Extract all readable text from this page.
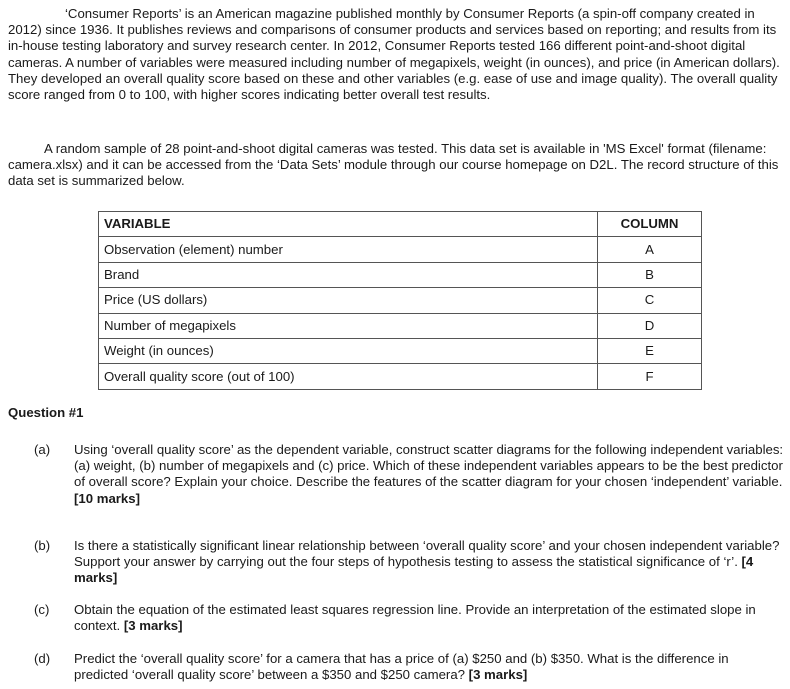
‘Consumer Reports’ is an American magazine published monthly by Consumer Reports (a spin-off company created in 2012) since 1936. It publishes reviews and comparisons of consumer products and services based on reporting; and results from its in-house testing laboratory and survey research center. In 2012, Consumer Reports tested 166 different point-and-shoot digital cameras. A number of variables were measured including number of megapixels, weight (in ounces), and price (in American dollars). They developed an overall quality score based on these and other variables (e.g. ease of use and image quality). The overall quality score ranged from 0 to 100, with higher scores indicating better overall test results.

A random sample of 28 point-and-shoot digital cameras was tested. This data set is available in 'MS Excel' format (filename: camera.xlsx) and it can be accessed from the ‘Data Sets’ module through our course homepage on D2L. The record structure of this data set is summarized below.

VARIABLE	COLUMN
Observation (element) number	A
Brand	B
Price (US dollars)	C
Number of megapixels	D
Weight (in ounces)	E
Overall quality score (out of 100)	F

Question #1

(a) Using ‘overall quality score’ as the dependent variable, construct scatter diagrams for the following independent variables: (a) weight, (b) number of megapixels and (c) price. Which of these independent variables appears to be the best predictor of overall score? Explain your choice. Describe the features of the scatter diagram for your chosen ‘independent’ variable. [10 marks]

(b) Is there a statistically significant linear relationship between ‘overall quality score’ and your chosen independent variable? Support your answer by carrying out the four steps of hypothesis testing to assess the statistical significance of ‘r’. [4 marks]

(c) Obtain the equation of the estimated least squares regression line. Provide an interpretation of the estimated slope in context. [3 marks]

(d) Predict the ‘overall quality score’ for a camera that has a price of (a) $250 and (b) $350. What is the difference in predicted ‘overall quality score’ between a $350 and $250 camera? [3 marks]
